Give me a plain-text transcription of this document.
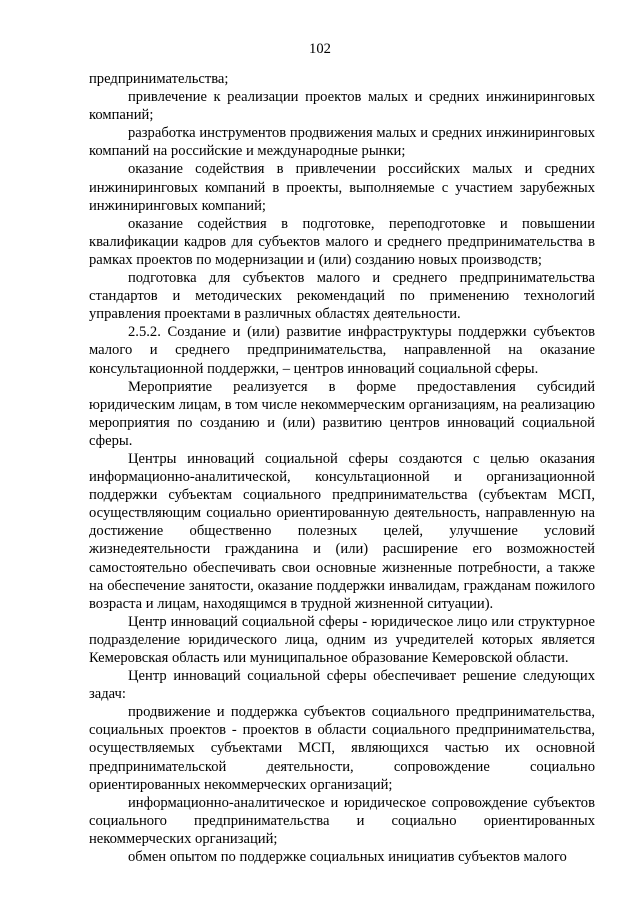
102

предпринимательства;

привлечение к реализации проектов малых и средних инжиниринговых компаний;

разработка инструментов продвижения малых и средних инжиниринговых компаний на российские и международные рынки;

оказание содействия в привлечении российских малых и средних инжиниринговых компаний в проекты, выполняемые с участием зарубежных инжиниринговых компаний;

оказание содействия в подготовке, переподготовке и повышении квалификации кадров для субъектов малого и среднего предпринимательства в рамках проектов по модернизации и (или) созданию новых производств;

подготовка для субъектов малого и среднего предпринимательства стандартов и методических рекомендаций по применению технологий управления проектами в различных областях деятельности.

2.5.2. Создание и (или) развитие инфраструктуры поддержки субъектов малого и среднего предпринимательства, направленной на оказание консультационной поддержки, – центров инноваций социальной сферы.

Мероприятие реализуется в форме предоставления субсидий юридическим лицам, в том числе некоммерческим организациям, на реализацию мероприятия по созданию и (или) развитию центров инноваций социальной сферы.

Центры инноваций социальной сферы создаются с целью оказания информационно-аналитической, консультационной и организационной поддержки субъектам социального предпринимательства (субъектам МСП, осуществляющим социально ориентированную деятельность, направленную на достижение общественно полезных целей, улучшение условий жизнедеятельности гражданина и (или) расширение его возможностей самостоятельно обеспечивать свои основные жизненные потребности, а также на обеспечение занятости, оказание поддержки инвалидам, гражданам пожилого возраста и лицам, находящимся в трудной жизненной ситуации).

Центр инноваций социальной сферы - юридическое лицо или структурное подразделение юридического лица, одним из учредителей которых является Кемеровская область или муниципальное образование Кемеровской области.

Центр инноваций социальной сферы обеспечивает решение следующих задач:

продвижение и поддержка субъектов социального предпринимательства, социальных проектов - проектов в области социального предпринимательства, осуществляемых субъектами МСП, являющихся частью их основной предпринимательской деятельности, сопровождение социально ориентированных некоммерческих организаций;

информационно-аналитическое и юридическое сопровождение субъектов социального предпринимательства и социально ориентированных некоммерческих организаций;

обмен опытом по поддержке социальных инициатив субъектов малого
